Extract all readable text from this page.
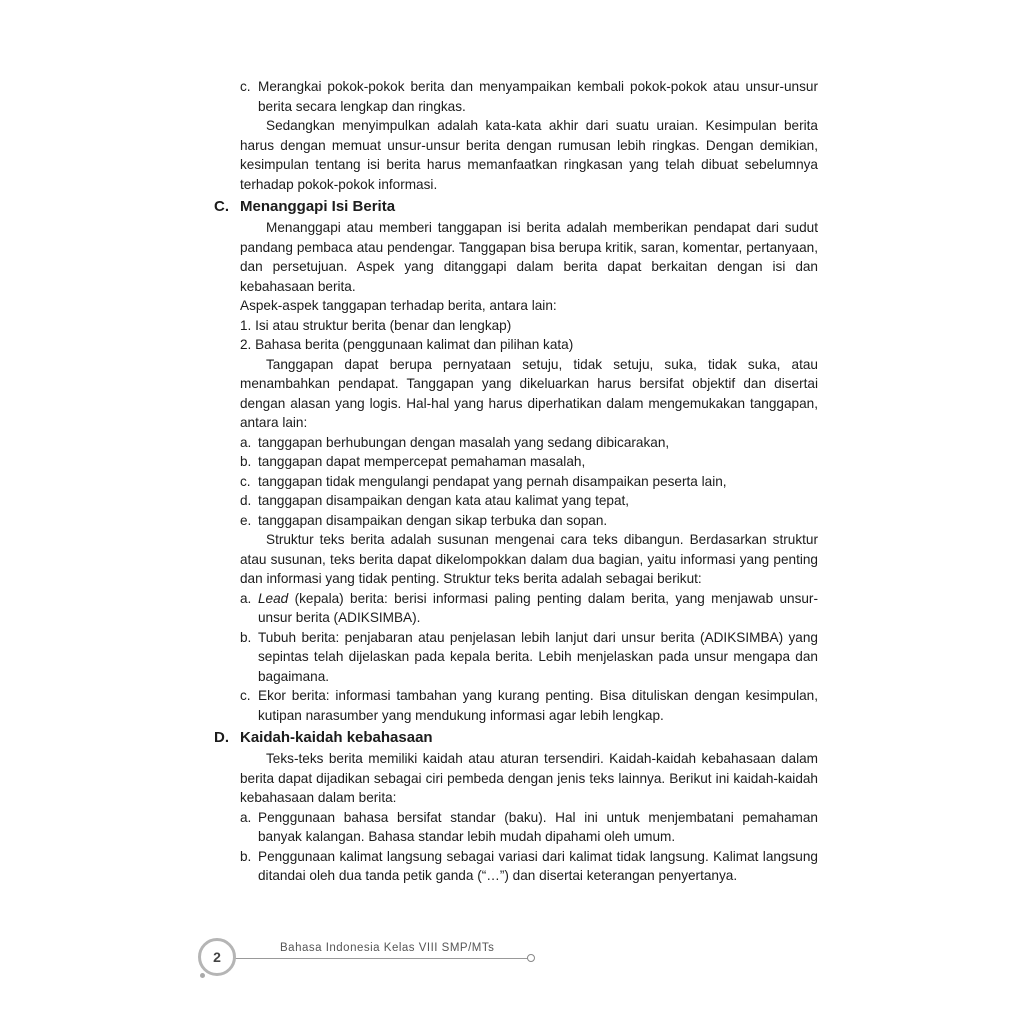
c. Merangkai pokok-pokok berita dan menyampaikan kembali pokok-pokok atau unsur-unsur berita secara lengkap dan ringkas.

Sedangkan menyimpulkan adalah kata-kata akhir dari suatu uraian. Kesimpulan berita harus dengan memuat unsur-unsur berita dengan rumusan lebih ringkas. Dengan demikian, kesimpulan tentang isi berita harus memanfaatkan ringkasan yang telah dibuat sebelumnya terhadap pokok-pokok informasi.

C. Menanggapi Isi Berita

Menanggapi atau memberi tanggapan isi berita adalah memberikan pendapat dari sudut pandang pembaca atau pendengar. Tanggapan bisa berupa kritik, saran, komentar, pertanyaan, dan persetujuan. Aspek yang ditanggapi dalam berita dapat berkaitan dengan isi dan kebahasaan berita.

Aspek-aspek tanggapan terhadap berita, antara lain:

1. Isi atau struktur berita (benar dan lengkap)

2. Bahasa berita (penggunaan kalimat dan pilihan kata)

Tanggapan dapat berupa pernyataan setuju, tidak setuju, suka, tidak suka, atau menambahkan pendapat. Tanggapan yang dikeluarkan harus bersifat objektif dan disertai dengan alasan yang logis. Hal-hal yang harus diperhatikan dalam mengemukakan tanggapan, antara lain:

a. tanggapan berhubungan dengan masalah yang sedang dibicarakan,
b. tanggapan dapat mempercepat pemahaman masalah,
c. tanggapan tidak mengulangi pendapat yang pernah disampaikan peserta lain,
d. tanggapan disampaikan dengan kata atau kalimat yang tepat,
e. tanggapan disampaikan dengan sikap terbuka dan sopan.

Struktur teks berita adalah susunan mengenai cara teks dibangun. Berdasarkan struktur atau susunan, teks berita dapat dikelompokkan dalam dua bagian, yaitu informasi yang penting dan informasi yang tidak penting. Struktur teks berita adalah sebagai berikut:

a. Lead (kepala) berita: berisi informasi paling penting dalam berita, yang menjawab unsur-unsur berita (ADIKSIMBA).
b. Tubuh berita: penjabaran atau penjelasan lebih lanjut dari unsur berita (ADIKSIMBA) yang sepintas telah dijelaskan pada kepala berita. Lebih menjelaskan pada unsur mengapa dan bagaimana.
c. Ekor berita: informasi tambahan yang kurang penting. Bisa dituliskan dengan kesimpulan, kutipan narasumber yang mendukung informasi agar lebih lengkap.
D. Kaidah-kaidah kebahasaan

Teks-teks berita memiliki kaidah atau aturan tersendiri. Kaidah-kaidah kebahasaan dalam berita dapat dijadikan sebagai ciri pembeda dengan jenis teks lainnya. Berikut ini kaidah-kaidah kebahasaan dalam berita:

a. Penggunaan bahasa bersifat standar (baku). Hal ini untuk menjembatani pemahaman banyak kalangan. Bahasa standar lebih mudah dipahami oleh umum.
b. Penggunaan kalimat langsung sebagai variasi dari kalimat tidak langsung. Kalimat langsung ditandai oleh dua tanda petik ganda (“…”) dan disertai keterangan penyertanya.
2
Bahasa Indonesia Kelas VIII SMP/MTs
